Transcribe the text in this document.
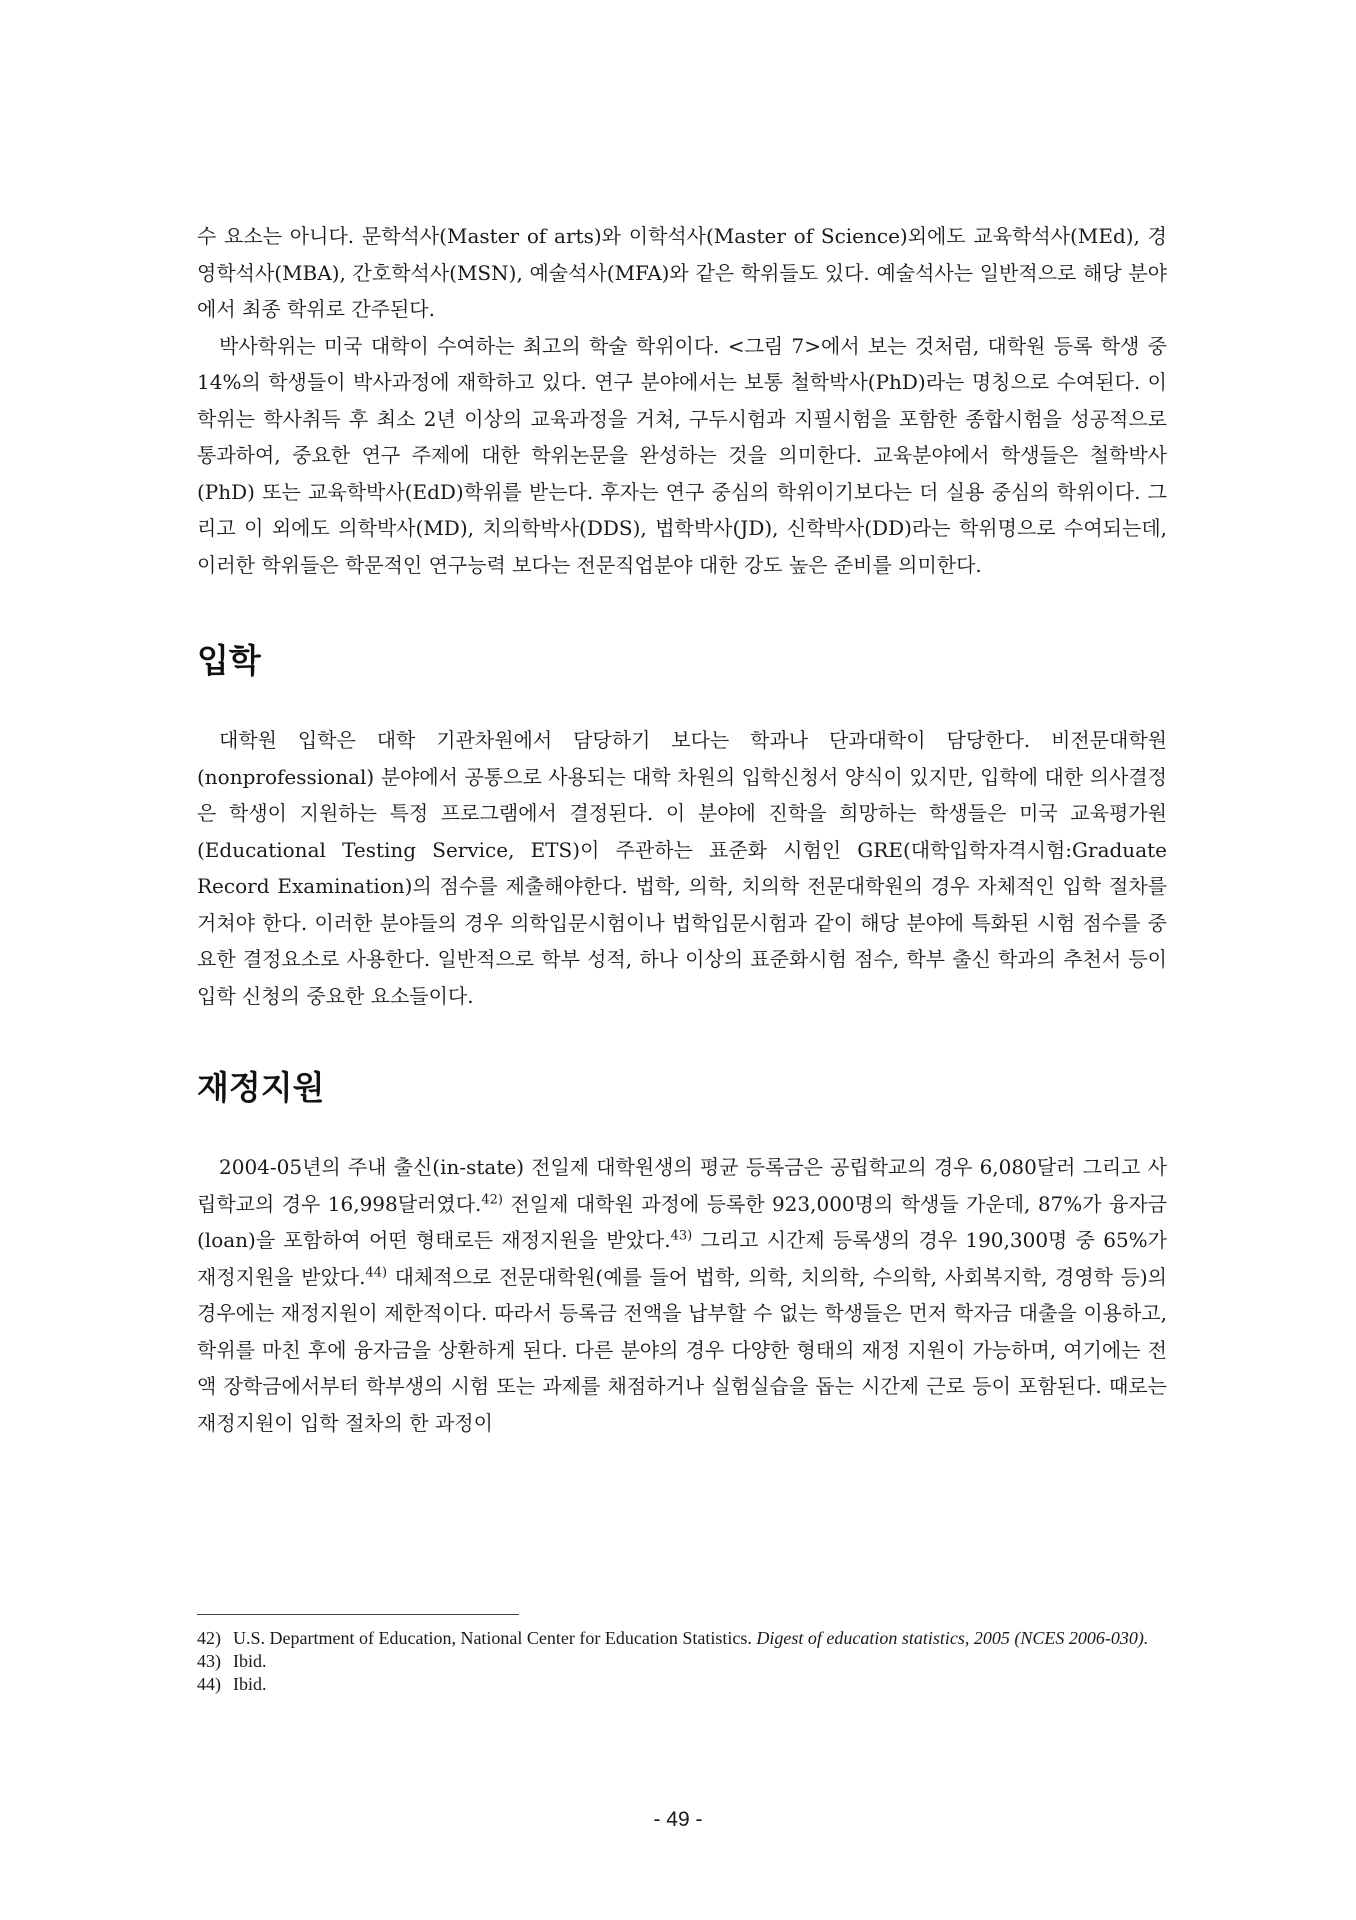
수 요소는 아니다. 문학석사(Master of arts)와 이학석사(Master of Science)외에도 교육학석사(MEd), 경영학석사(MBA), 간호학석사(MSN), 예술석사(MFA)와 같은 학위들도 있다. 예술석사는 일반적으로 해당 분야에서 최종 학위로 간주된다.

박사학위는 미국 대학이 수여하는 최고의 학술 학위이다. <그림 7>에서 보는 것처럼, 대학원 등록 학생 중 14%의 학생들이 박사과정에 재학하고 있다. 연구 분야에서는 보통 철학박사(PhD)라는 명칭으로 수여된다. 이 학위는 학사취득 후 최소 2년 이상의 교육과정을 거쳐, 구두시험과 지필시험을 포함한 종합시험을 성공적으로 통과하여, 중요한 연구 주제에 대한 학위논문을 완성하는 것을 의미한다. 교육분야에서 학생들은 철학박사(PhD) 또는 교육학박사(EdD)학위를 받는다. 후자는 연구 중심의 학위이기보다는 더 실용 중심의 학위이다. 그리고 이 외에도 의학박사(MD), 치의학박사(DDS), 법학박사(JD), 신학박사(DD)라는 학위명으로 수여되는데, 이러한 학위들은 학문적인 연구능력 보다는 전문직업분야 대한 강도 높은 준비를 의미한다.

입학

대학원 입학은 대학 기관차원에서 담당하기 보다는 학과나 단과대학이 담당한다. 비전문대학원(nonprofessional) 분야에서 공통으로 사용되는 대학 차원의 입학신청서 양식이 있지만, 입학에 대한 의사결정은 학생이 지원하는 특정 프로그램에서 결정된다. 이 분야에 진학을 희망하는 학생들은 미국 교육평가원(Educational Testing Service, ETS)이 주관하는 표준화 시험인 GRE(대학입학자격시험:Graduate Record Examination)의 점수를 제출해야한다. 법학, 의학, 치의학 전문대학원의 경우 자체적인 입학 절차를 거쳐야 한다. 이러한 분야들의 경우 의학입문시험이나 법학입문시험과 같이 해당 분야에 특화된 시험 점수를 중요한 결정요소로 사용한다. 일반적으로 학부 성적, 하나 이상의 표준화시험 점수, 학부 출신 학과의 추천서 등이 입학 신청의 중요한 요소들이다.

재정지원

2004-05년의 주내 출신(in-state) 전일제 대학원생의 평균 등록금은 공립학교의 경우 6,080달러 그리고 사립학교의 경우 16,998달러였다.$^{42)}$ 전일제 대학원 과정에 등록한 923,000명의 학생들 가운데, 87%가 융자금(loan)을 포함하여 어떤 형태로든 재정지원을 받았다.$^{43)}$ 그리고 시간제 등록생의 경우 190,300명 중 65%가 재정지원을 받았다.$^{44)}$ 대체적으로 전문대학원(예를 들어 법학, 의학, 치의학, 수의학, 사회복지학, 경영학 등)의 경우에는 재정지원이 제한적이다. 따라서 등록금 전액을 납부할 수 없는 학생들은 먼저 학자금 대출을 이용하고, 학위를 마친 후에 융자금을 상환하게 된다. 다른 분야의 경우 다양한 형태의 재정 지원이 가능하며, 여기에는 전액 장학금에서부터 학부생의 시험 또는 과제를 채점하거나 실험실습을 돕는 시간제 근로 등이 포함된다. 때로는 재정지원이 입학 절차의 한 과정이

42) U.S. Department of Education, National Center for Education Statistics. Digest of education statistics, 2005 (NCES 2006-030).

43) Ibid.

44) Ibid.

- 49 -
